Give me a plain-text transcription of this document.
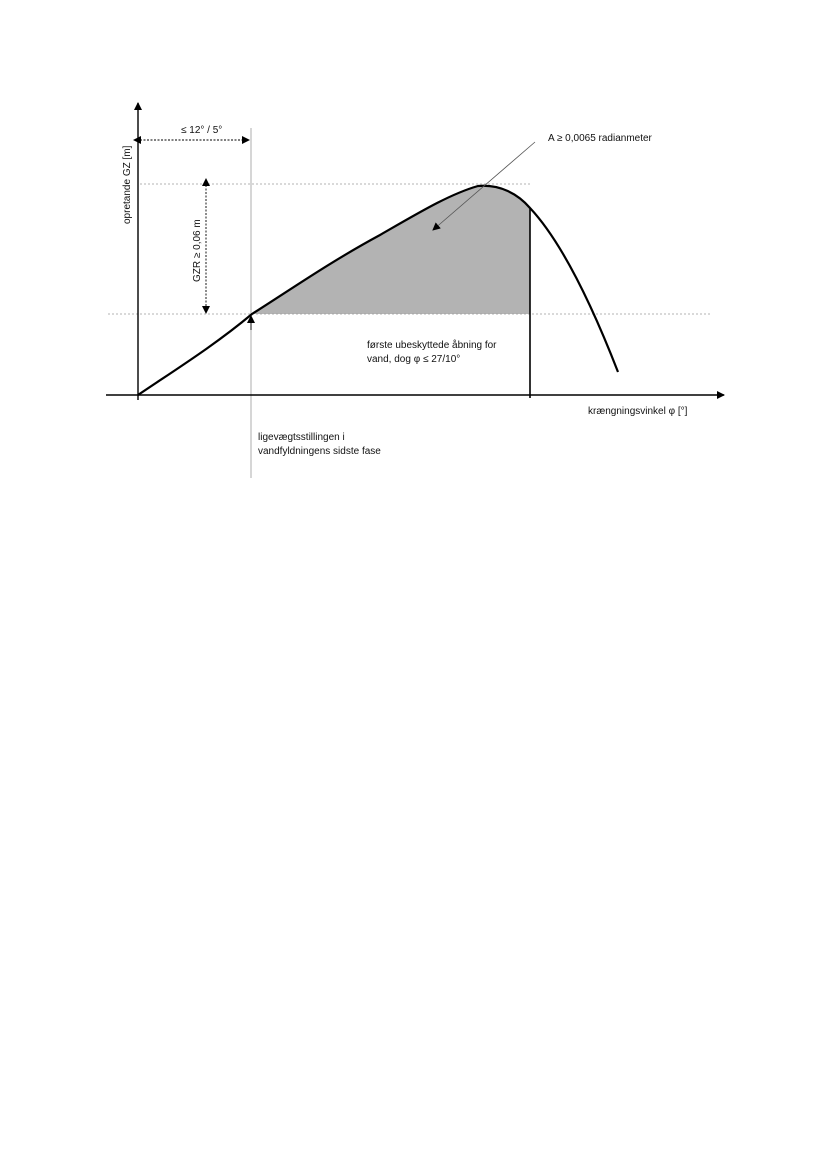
opretande GZ [m]
krængningsvinkel φ [°]
≤ 12° / 5°
GZR ≥ 0,06 m
A ≥ 0,0065 radianmeter
første ubeskyttede åbning for
vand, dog φ ≤ 27/10°
ligevægtsstillingen i
vandfyldningens sidste fase
